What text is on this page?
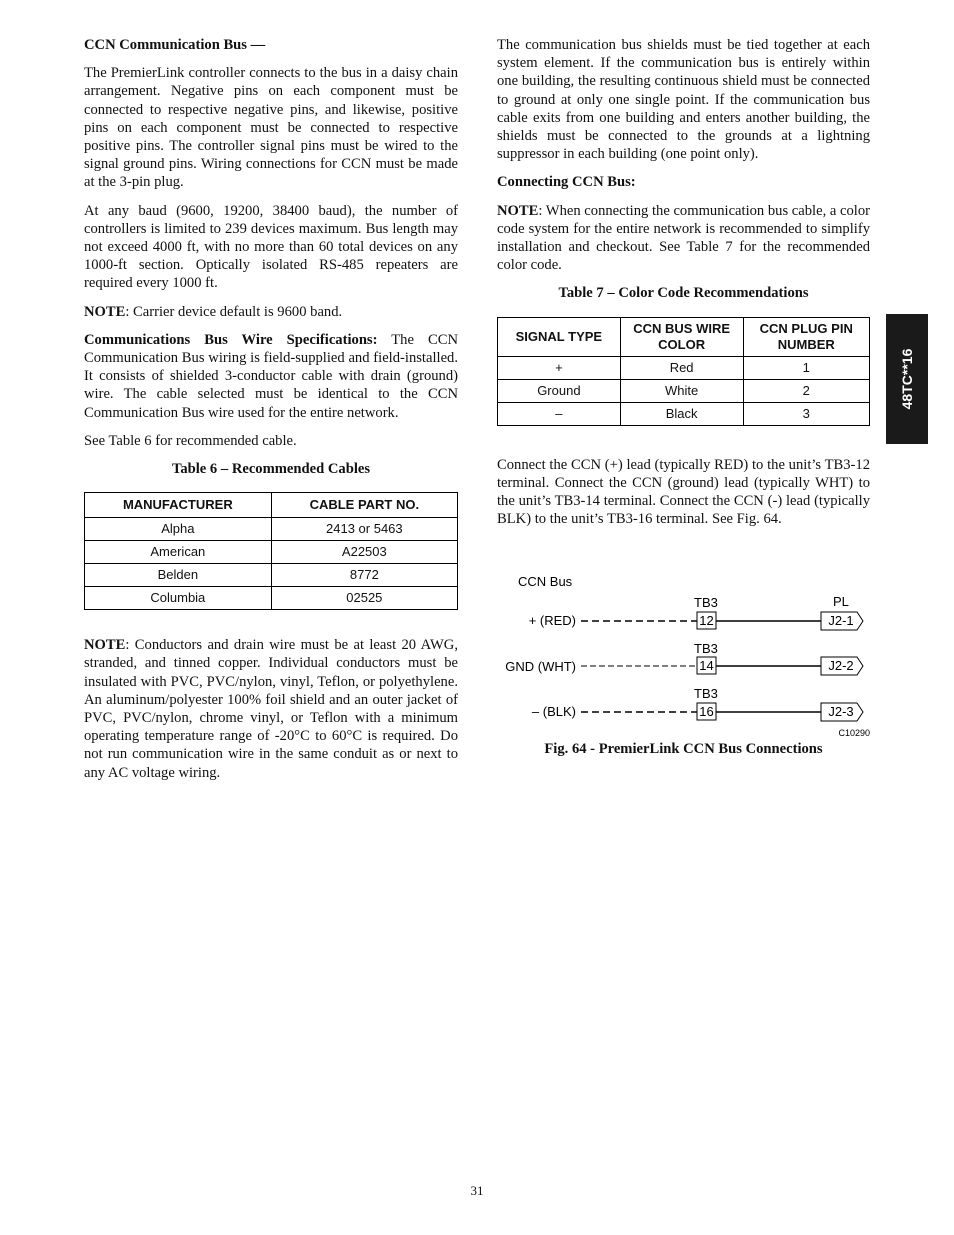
CCN Communication Bus —

The PremierLink controller connects to the bus in a daisy chain arrangement. Negative pins on each component must be connected to respective negative pins, and likewise, positive pins on each component must be connected to respective positive pins. The controller signal pins must be wired to the signal ground pins. Wiring connections for CCN must be made at the 3-pin plug.

At any baud (9600, 19200, 38400 baud), the number of controllers is limited to 239 devices maximum. Bus length may not exceed 4000 ft, with no more than 60 total devices on any 1000-ft section. Optically isolated RS-485 repeaters are required every 1000 ft.

NOTE: Carrier device default is 9600 band.

Communications Bus Wire Specifications: The CCN Communication Bus wiring is field-supplied and field-installed. It consists of shielded 3-conductor cable with drain (ground) wire. The cable selected must be identical to the CCN Communication Bus wire used for the entire network.

See Table 6 for recommended cable.

Table 6 – Recommended Cables
MANUFACTURER	CABLE PART NO.
Alpha	2413 or 5463
American	A22503
Belden	8772
Columbia	02525

NOTE: Conductors and drain wire must be at least 20 AWG, stranded, and tinned copper. Individual conductors must be insulated with PVC, PVC/nylon, vinyl, Teflon, or polyethylene. An aluminum/polyester 100% foil shield and an outer jacket of PVC, PVC/nylon, chrome vinyl, or Teflon with a minimum operating temperature range of -20°C to 60°C is required. Do not run communication wire in the same conduit as or next to any AC voltage wiring.

The communication bus shields must be tied together at each system element. If the communication bus is entirely within one building, the resulting continuous shield must be connected to ground at only one single point. If the communication bus cable exits from one building and enters another building, the shields must be connected to the grounds at a lightning suppressor in each building (one point only).

Connecting CCN Bus:

NOTE: When connecting the communication bus cable, a color code system for the entire network is recommended to simplify installation and checkout. See Table 7 for the recommended color code.

Table 7 – Color Code Recommendations
SIGNAL TYPE	CCN BUS WIRE COLOR	CCN PLUG PIN NUMBER
+	Red	1
Ground	White	2
–	Black	3

Connect the CCN (+) lead (typically RED) to the unit’s TB3-12 terminal. Connect the CCN (ground) lead (typically WHT) to the unit’s TB3-14 terminal. Connect the CCN (-) lead (typically BLK) to the unit’s TB3-16 terminal. See Fig. 64.

48TC**16
CCN Bus
PL
TB3
+ (RED)	12	J2-1
TB3
GND (WHT)	14	J2-2
TB3
– (BLK)	16	J2-3
C10290
Fig. 64 - PremierLink CCN Bus Connections
31
